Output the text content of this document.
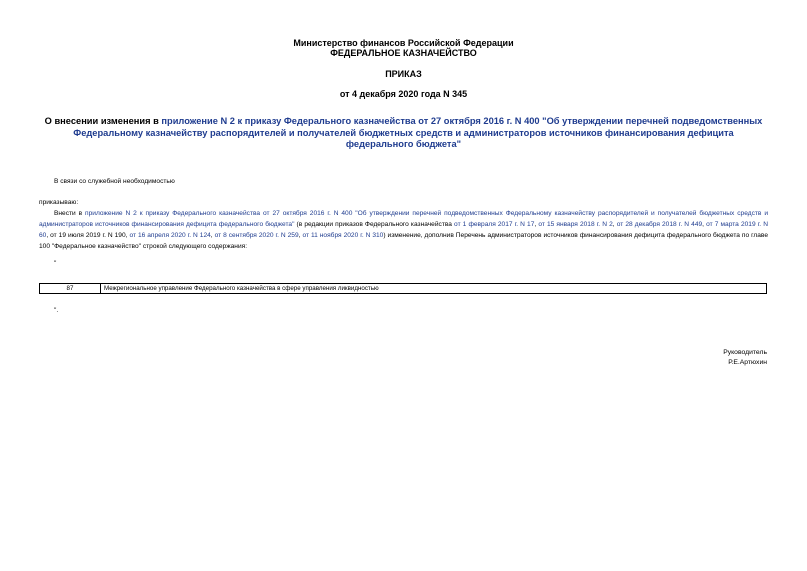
Министерство финансов Российской Федерации
ФЕДЕРАЛЬНОЕ КАЗНАЧЕЙСТВО
ПРИКАЗ
от 4 декабря 2020 года N 345
О внесении изменения в приложение N 2 к приказу Федерального казначейства от 27 октября 2016 г. N 400 "Об утверждении перечней подведомственных Федеральному казначейству распорядителей и получателей бюджетных средств и администраторов источников финансирования дефицита федерального бюджета"
В связи со служебной необходимостью
приказываю:
Внести в приложение N 2 к приказу Федерального казначейства от 27 октября 2016 г. N 400 "Об утверждении перечней подведомственных Федеральному казначейству распорядителей и получателей бюджетных средств и администраторов источников финансирования дефицита федерального бюджета" (в редакции приказов Федерального казначейства от 1 февраля 2017 г. N 17, от 15 января 2018 г. N 2, от 28 декабря 2018 г. N 449, от 7 марта 2019 г. N 60, от 19 июля 2019 г. N 190, от 16 апреля 2020 г. N 124, от 8 сентября 2020 г. N 259, от 11 ноября 2020 г. N 310) изменение, дополнив Перечень администраторов источников финансирования дефицита федерального бюджета по главе 100 "Федеральное казначейство" строкой следующего содержания:
"
87	Межрегиональное управление Федерального казначейства в сфере управления ликвидностью
".
Руководитель
Р.Е.Артюхин
